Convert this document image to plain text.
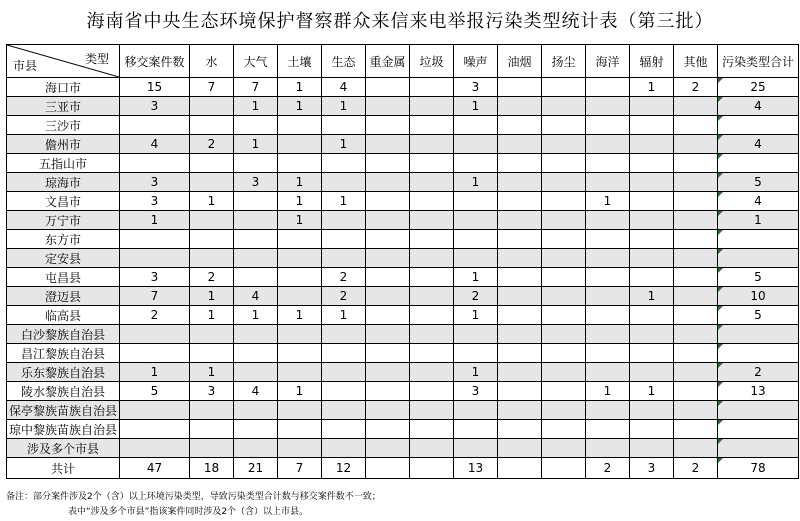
海南省中央生态环境保护督察群众来信来电举报污染类型统计表（第三批）
市县 类型	移交案件数	水	大气	土壤	生态	重金属	垃圾	噪声	油烟	扬尘	海洋	辐射	其他	污染类型合计
海口市	15	7	7	1	4			3				1	2	25
三亚市	3		1	1	1			1						4
三沙市														
儋州市	4	2	1		1									4
五指山市														
琼海市	3		3	1				1						5
文昌市	3	1		1	1						1			4
万宁市	1			1										1
东方市														
定安县														
屯昌县	3	2			2			1						5
澄迈县	7	1	4		2			2				1		10
临高县	2	1	1	1	1			1						5
白沙黎族自治县														
昌江黎族自治县														
乐东黎族自治县	1	1						1						2
陵水黎族自治县	5	3	4	1				3			1	1		13
保亭黎族苗族自治县														
琼中黎族苗族自治县														
涉及多个市县														
共计	47	18	21	7	12			13			2	3	2	78
备注：部分案件涉及2个（含）以上环境污染类型，导致污染类型合计数与移交案件数不一致；
表中“涉及多个市县”指该案件同时涉及2个（含）以上市县。
